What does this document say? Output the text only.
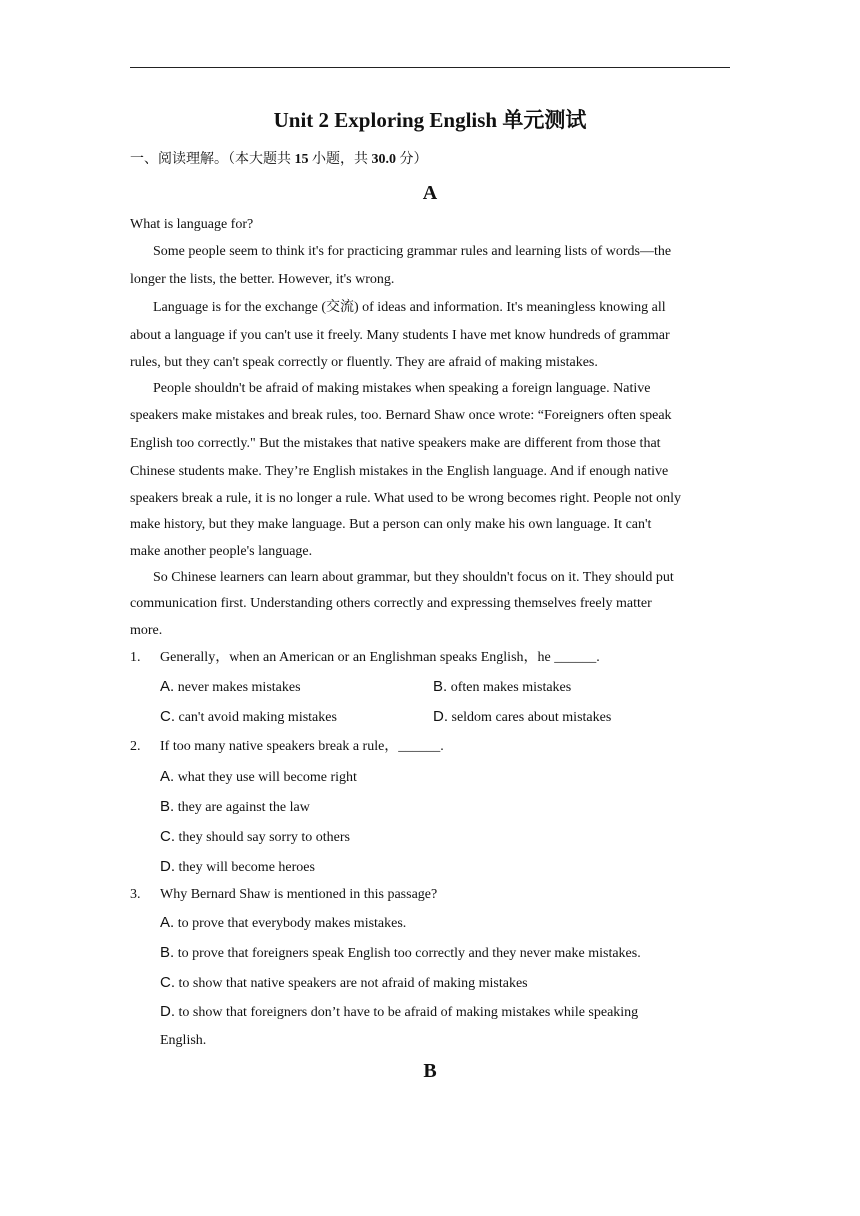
Unit 2 Exploring English 单元测试
一、阅读理解。（本大题共 15 小题，共 30.0 分）
A
What is language for?
Some people seem to think it's for practicing grammar rules and learning lists of words—the
longer the lists, the better. However, it's wrong.
Language is for the exchange (交流) of ideas and information. It's meaningless knowing all
about a language if you can't use it freely. Many students I have met know hundreds of grammar
rules, but they can't speak correctly or fluently. They are afraid of making mistakes.
People shouldn't be afraid of making mistakes when speaking a foreign language. Native
speakers make mistakes and break rules, too. Bernard Shaw once wrote: “Foreigners often speak
English too correctly." But the mistakes that native speakers make are different from those that
Chinese students make. They’re English mistakes in the English language. And if enough native
speakers break a rule, it is no longer a rule. What used to be wrong becomes right. People not only
make history, but they make language. But a person can only make his own language. It can't
make another people's language.
So Chinese learners can learn about grammar, but they shouldn't focus on it. They should put
communication first. Understanding others correctly and expressing themselves freely matter
more.
1. Generally，when an American or an Englishman speaks English，he ______.
A. never makes mistakes	B. often makes mistakes
C. can't avoid making mistakes	D. seldom cares about mistakes
2. If too many native speakers break a rule，______.
A. what they use will become right
B. they are against the law
C. they should say sorry to others
D. they will become heroes
3. Why Bernard Shaw is mentioned in this passage?
A. to prove that everybody makes mistakes.
B. to prove that foreigners speak English too correctly and they never make mistakes.
C. to show that native speakers are not afraid of making mistakes
D. to show that foreigners don’t have to be afraid of making mistakes while speaking
English.
B
